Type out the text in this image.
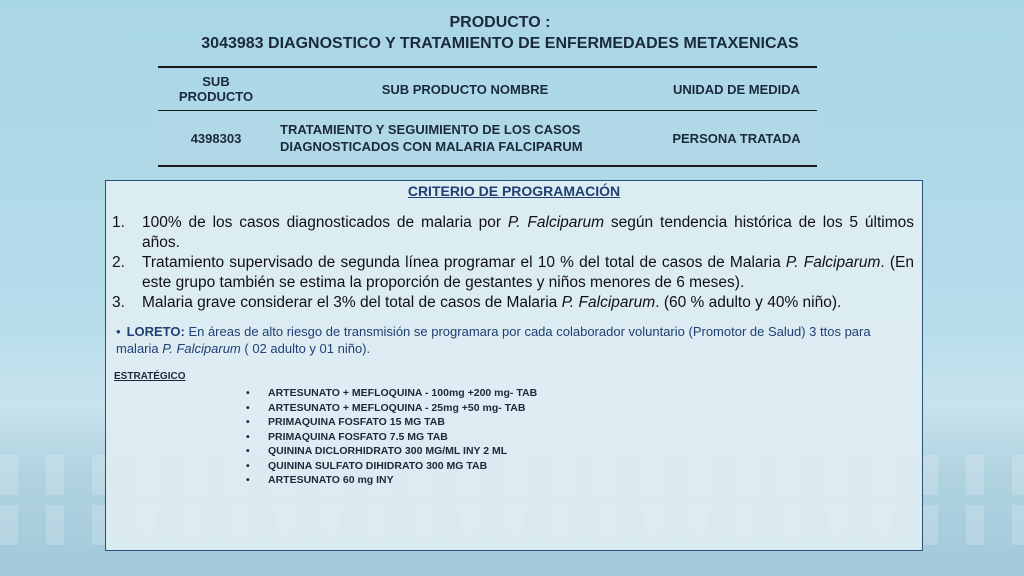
PRODUCTO :
3043983 DIAGNOSTICO Y TRATAMIENTO DE ENFERMEDADES METAXENICAS
SUB PRODUCTO	SUB PRODUCTO NOMBRE	UNIDAD DE MEDIDA
4398303	TRATAMIENTO Y SEGUIMIENTO DE LOS CASOS DIAGNOSTICADOS CON MALARIA FALCIPARUM	PERSONA TRATADA
CRITERIO DE PROGRAMACIÓN
1. 100% de los casos diagnosticados de malaria por P. Falciparum según tendencia histórica de los 5 últimos años.
2. Tratamiento supervisado de segunda línea programar el 10 % del total de casos de Malaria P. Falciparum. (En este grupo también se estima la proporción de gestantes y niños menores de 6 meses).
3. Malaria grave considerar el 3% del total de casos de Malaria P. Falciparum. (60 % adulto y 40% niño).
• LORETO: En áreas de alto riesgo de transmisión se programara por cada colaborador voluntario (Promotor de Salud) 3 ttos para malaria P. Falciparum ( 02 adulto y 01 niño).
ESTRATÉGICO
• ARTESUNATO + MEFLOQUINA - 100mg +200 mg- TAB
• ARTESUNATO + MEFLOQUINA - 25mg +50 mg- TAB
• PRIMAQUINA FOSFATO 15 MG TAB
• PRIMAQUINA FOSFATO 7.5 MG TAB
• QUININA DICLORHIDRATO 300 MG/ML INY 2 ML
• QUININA SULFATO DIHIDRATO 300 MG TAB
• ARTESUNATO 60 mg INY
